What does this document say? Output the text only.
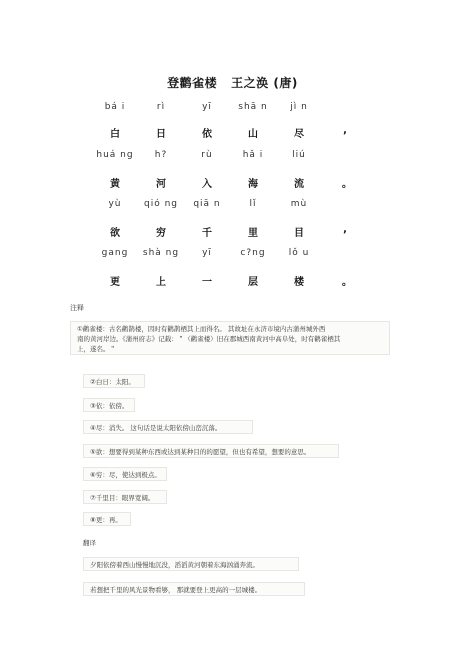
登鹳雀楼 王之涣 (唐)
bá i	rì	yī	shā n	jì n
白	日	依	山	尽	,
huá ng	h?	rù	hǎ i	liú
黄	河	入	海	流	。
yù	qió ng	qiā n	lǐ	mù
欲	穷	千	里	目	,
gang	shà ng	yī	c?ng	lǒ u
更	上	一	层	楼	。
注释
①鹳雀楼：古名鹳鹊楼，因时有鹳鹊栖其上而得名。 其故址在永济市境内古蒲州城外西
南的黄河岸边。《蒲州府志》记载：＂（鹳雀楼）旧在郡城西南黄河中高阜处，时有鹳雀栖其
上，遂名。＂
②白日：太阳。
③依：依傍。
④尽：消失。 这句话是说太阳依傍山峦沉落。
⑤欲：想要得到某种东西或达到某种目的的愿望，但也有希望，想要的意思。
⑥穷：尽，使达到极点。
⑦千里目：眼界宽阔。
⑧更：再。
翻译
夕阳依傍着西山慢慢地沉没，滔滔黄河朝着东海汹涌奔流。
若想把千里的风光景物看够， 那就要登上更高的一层城楼。
